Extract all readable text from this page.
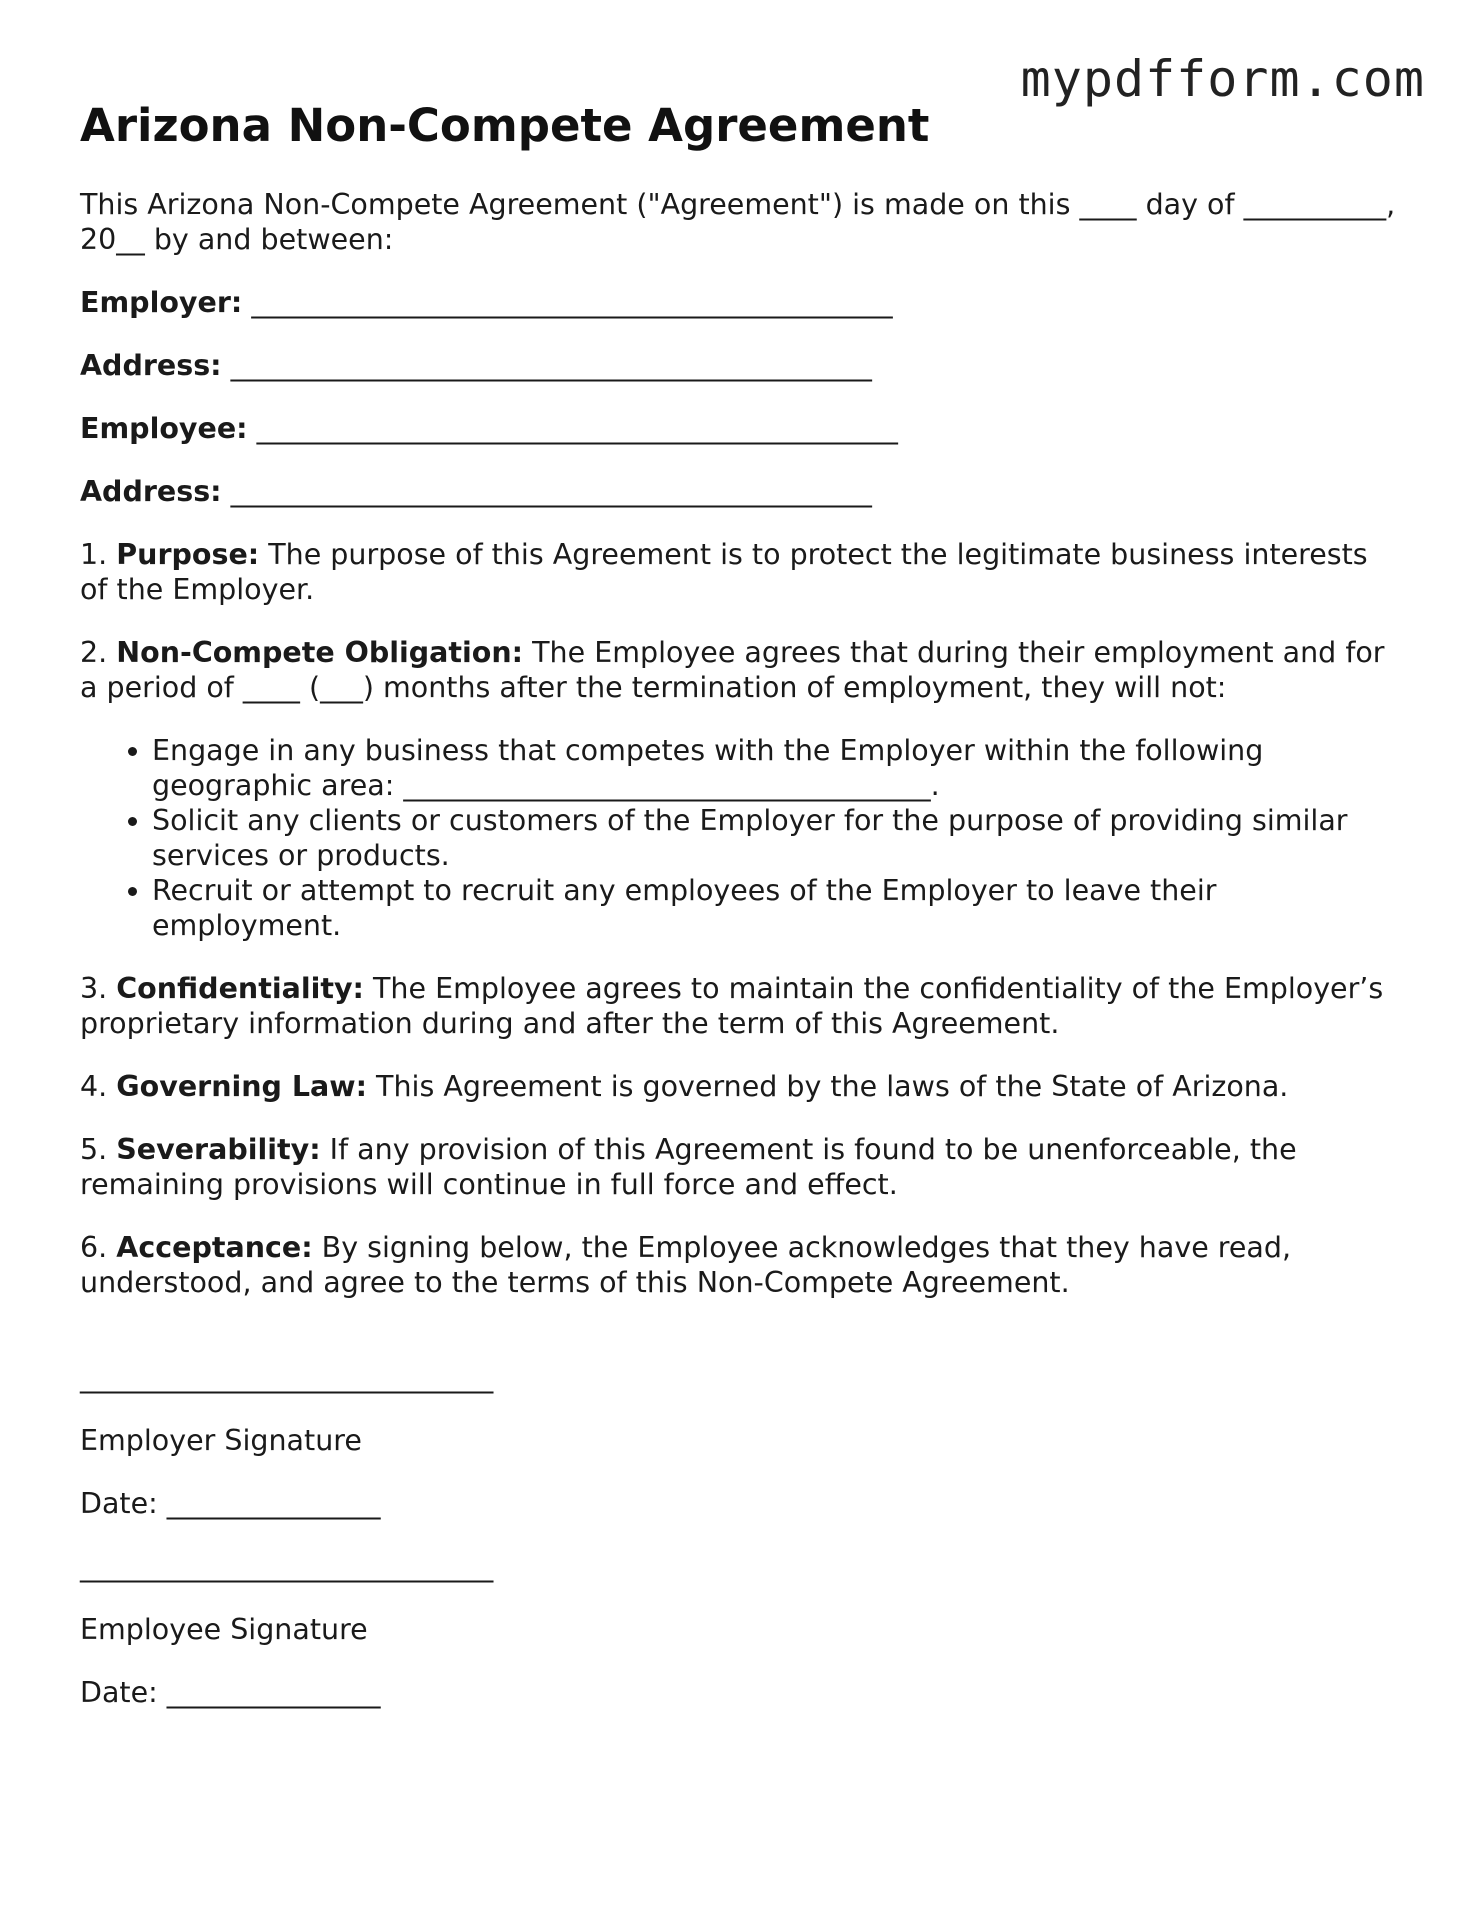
mypdfform.com
Arizona Non-Compete Agreement

This Arizona Non-Compete Agreement ("Agreement") is made on this ____ day of __________, 20__ by and between:

Employer: _____________________________________________

Address: _____________________________________________

Employee: _____________________________________________

Address: _____________________________________________

1. Purpose: The purpose of this Agreement is to protect the legitimate business interests of the Employer.

2. Non-Compete Obligation: The Employee agrees that during their employment and for a period of ____ (___) months after the termination of employment, they will not:

• Engage in any business that competes with the Employer within the following geographic area: _____________________________________.
• Solicit any clients or customers of the Employer for the purpose of providing similar services or products.
• Recruit or attempt to recruit any employees of the Employer to leave their employment.

3. Confidentiality: The Employee agrees to maintain the confidentiality of the Employer’s proprietary information during and after the term of this Agreement.

4. Governing Law: This Agreement is governed by the laws of the State of Arizona.

5. Severability: If any provision of this Agreement is found to be unenforceable, the remaining provisions will continue in full force and effect.

6. Acceptance: By signing below, the Employee acknowledges that they have read, understood, and agree to the terms of this Non-Compete Agreement.

_____________________________

Employer Signature

Date: _______________

_____________________________

Employee Signature

Date: _______________
